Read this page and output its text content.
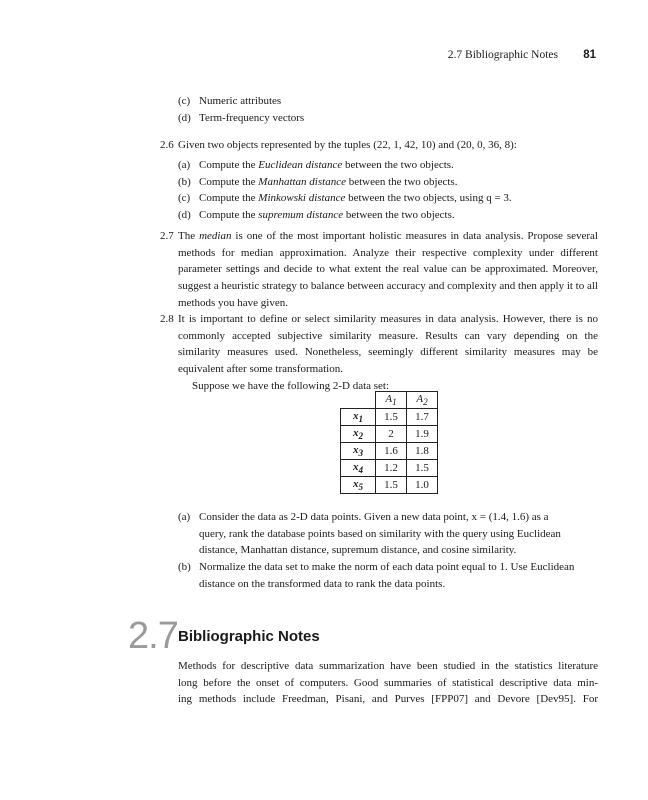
2.7 Bibliographic Notes 81
(c) Numeric attributes
(d) Term-frequency vectors
2.6 Given two objects represented by the tuples (22, 1, 42, 10) and (20, 0, 36, 8):

(a) Compute the Euclidean distance between the two objects.
(b) Compute the Manhattan distance between the two objects.
(c) Compute the Minkowski distance between the two objects, using q = 3.
(d) Compute the supremum distance between the two objects.
2.7 The median is one of the most important holistic measures in data analysis. Propose several methods for median approximation. Analyze their respective complexity under different parameter settings and decide to what extent the real value can be approximated. Moreover, suggest a heuristic strategy to balance between accuracy and complexity and then apply it to all methods you have given.

2.8 It is important to define or select similarity measures in data analysis. However, there is no commonly accepted subjective similarity measure. Results can vary depending on the similarity measures used. Nonetheless, seemingly different similarity measures may be equivalent after some transformation.

Suppose we have the following 2-D data set:

	$A_1$	$A_2$
$x_1$	1.5	1.7
$x_2$	2	1.9
$x_3$	1.6	1.8
$x_4$	1.2	1.5
$x_5$	1.5	1.0
(a) Consider the data as 2-D data points. Given a new data point, x = (1.4, 1.6) as a
query, rank the database points based on similarity with the query using Euclidean
distance, Manhattan distance, supremum distance, and cosine similarity.
(b) Normalize the data set to make the norm of each data point equal to 1. Use Euclidean
distance on the transformed data to rank the data points.
2.7 Bibliographic Notes
Methods for descriptive data summarization have been studied in the statistics literature
long before the onset of computers. Good summaries of statistical descriptive data min-
ing methods include Freedman, Pisani, and Purves [FPP07] and Devore [Dev95]. For
